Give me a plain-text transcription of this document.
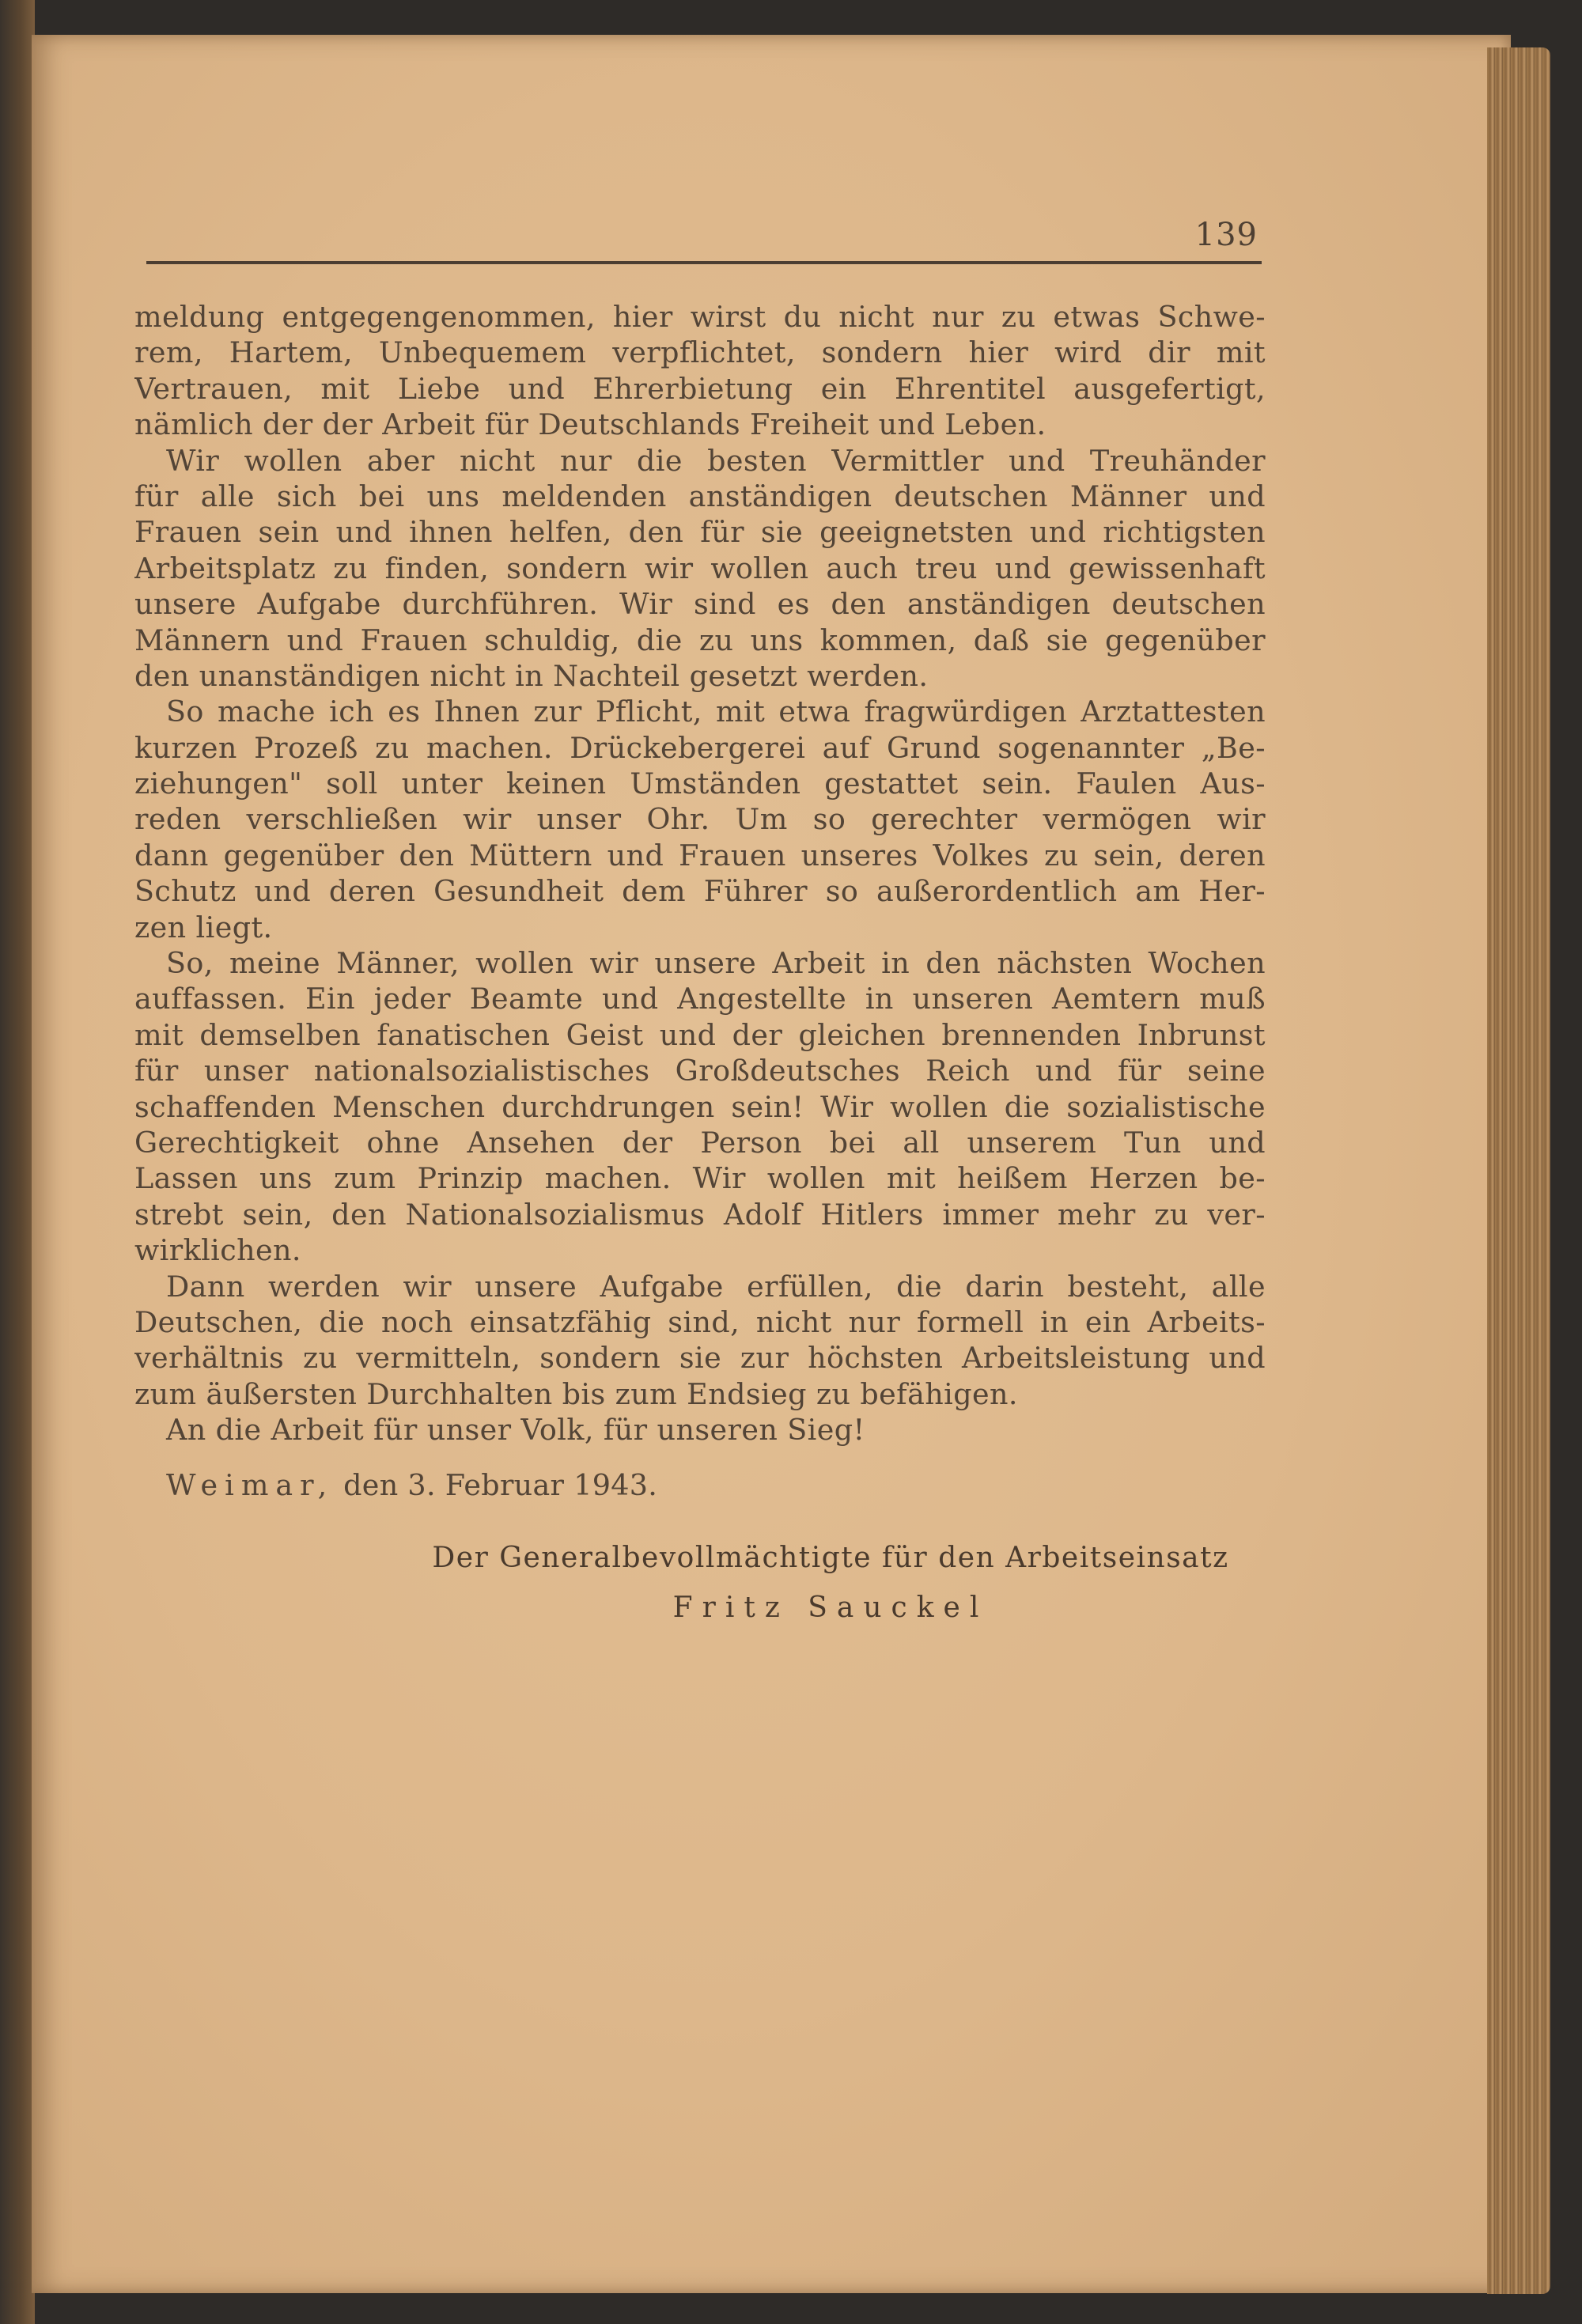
139
meldung entgegengenommen, hier wirst du nicht nur zu etwas Schwe-
rem, Hartem, Unbequemem verpflichtet, sondern hier wird dir mit
Vertrauen, mit Liebe und Ehrerbietung ein Ehrentitel ausgefertigt,
nämlich der der Arbeit für Deutschlands Freiheit und Leben.
Wir wollen aber nicht nur die besten Vermittler und Treuhänder
für alle sich bei uns meldenden anständigen deutschen Männer und
Frauen sein und ihnen helfen, den für sie geeignetsten und richtigsten
Arbeitsplatz zu finden, sondern wir wollen auch treu und gewissenhaft
unsere Aufgabe durchführen. Wir sind es den anständigen deutschen
Männern und Frauen schuldig, die zu uns kommen, daß sie gegenüber
den unanständigen nicht in Nachteil gesetzt werden.
So mache ich es Ihnen zur Pflicht, mit etwa fragwürdigen Arztattesten
kurzen Prozeß zu machen. Drückebergerei auf Grund sogenannter „Be-
ziehungen" soll unter keinen Umständen gestattet sein. Faulen Aus-
reden verschließen wir unser Ohr. Um so gerechter vermögen wir
dann gegenüber den Müttern und Frauen unseres Volkes zu sein, deren
Schutz und deren Gesundheit dem Führer so außerordentlich am Her-
zen liegt.
So, meine Männer, wollen wir unsere Arbeit in den nächsten Wochen
auffassen. Ein jeder Beamte und Angestellte in unseren Aemtern muß
mit demselben fanatischen Geist und der gleichen brennenden Inbrunst
für unser nationalsozialistisches Großdeutsches Reich und für seine
schaffenden Menschen durchdrungen sein! Wir wollen die sozialistische
Gerechtigkeit ohne Ansehen der Person bei all unserem Tun und
Lassen uns zum Prinzip machen. Wir wollen mit heißem Herzen be-
strebt sein, den Nationalsozialismus Adolf Hitlers immer mehr zu ver-
wirklichen.
Dann werden wir unsere Aufgabe erfüllen, die darin besteht, alle
Deutschen, die noch einsatzfähig sind, nicht nur formell in ein Arbeits-
verhältnis zu vermitteln, sondern sie zur höchsten Arbeitsleistung und
zum äußersten Durchhalten bis zum Endsieg zu befähigen.
An die Arbeit für unser Volk, für unseren Sieg!
Weimar, den 3. Februar 1943.
Der Generalbevollmächtigte für den Arbeitseinsatz
Fritz Sauckel
